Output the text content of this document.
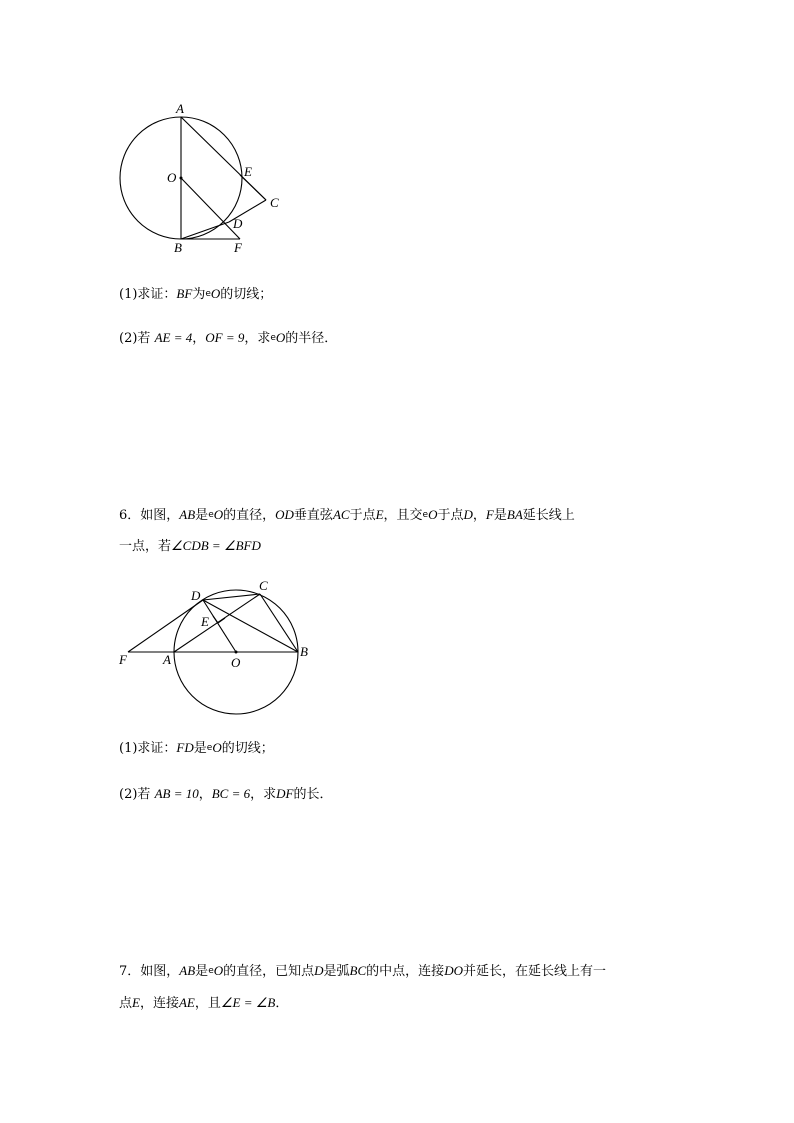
A
O	E
C
D
B	F
(1)求证：BF为eO的切线；
(2)若 AE = 4，OF = 9，求eO的半径．
6．如图，AB是eO的直径，OD垂直弦AC于点E，且交eO于点D，F是BA延长线上
一点，若∠CDB = ∠BFD
D
C
E
F	A	O
B
(1)求证：FD是eO的切线；
(2)若 AB = 10，BC = 6，求DF的长．
7．如图，AB是eO的直径，已知点D是弧BC的中点，连接DO并延长，在延长线上有一
点E，连接AE，且∠E = ∠B．
